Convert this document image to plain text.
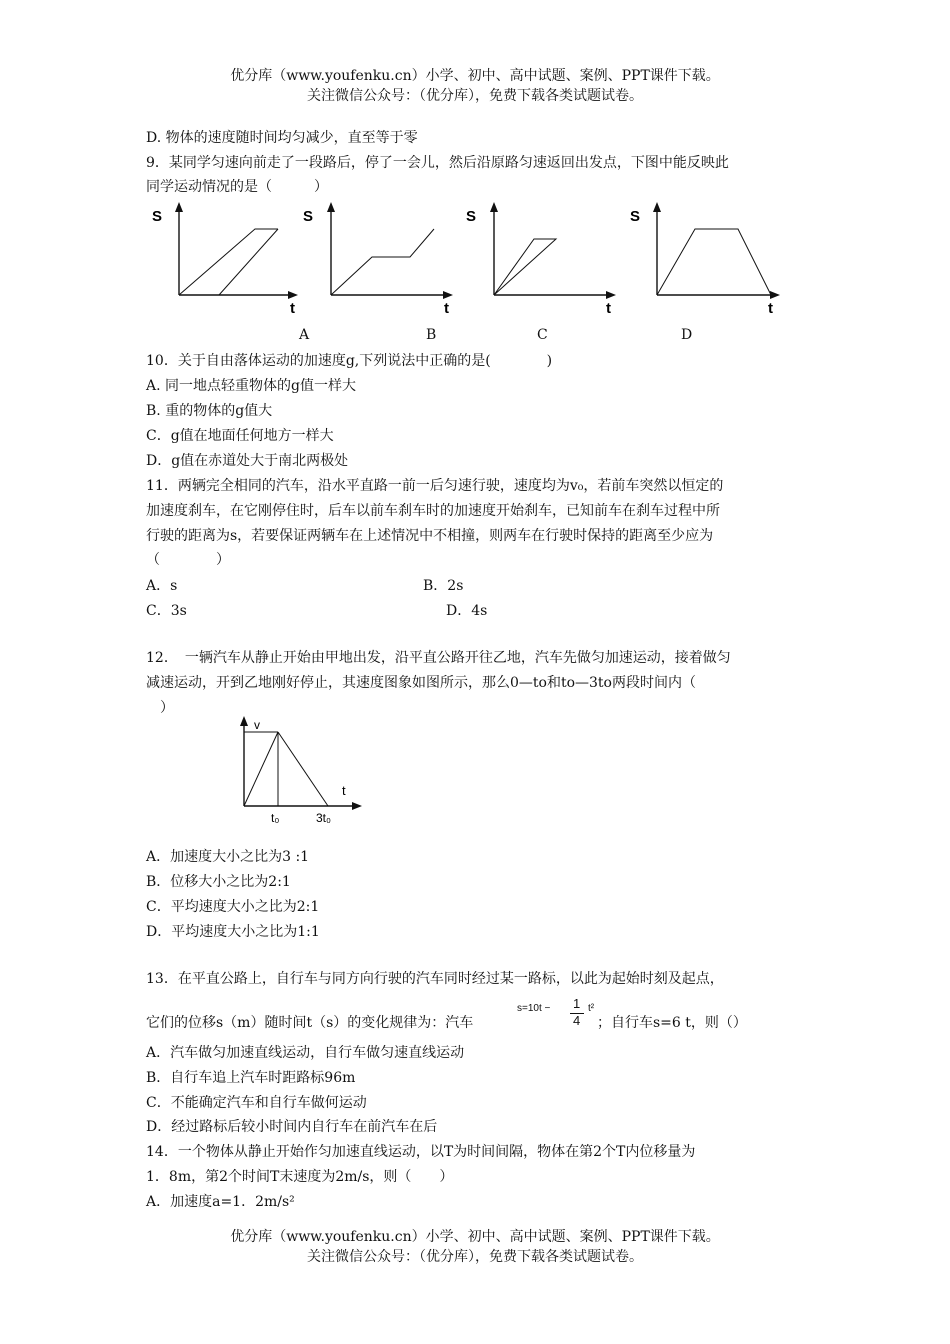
优分库（www.youfenku.cn）小学、初中、高中试题、案例、PPT课件下载。
关注微信公众号：（优分库），免费下载各类试题试卷。
D. 物体的速度随时间均匀减少，直至等于零
9．某同学匀速向前走了一段路后，停了一会儿，然后沿原路匀速返回出发点，下图中能反映此
同学运动情况的是（　　　）
S
t
S
t
S
t
S
t
A	B	C	D
10．关于自由落体运动的加速度g,下列说法中正确的是(　　　　)
A. 同一地点轻重物体的g值一样大
B. 重的物体的g值大
C．g值在地面任何地方一样大
D．g值在赤道处大于南北两极处
11．两辆完全相同的汽车，沿水平直路一前一后匀速行驶，速度均为v₀，若前车突然以恒定的
加速度刹车，在它刚停住时，后车以前车刹车时的加速度开始刹车，已知前车在刹车过程中所
行驶的距离为s，若要保证两辆车在上述情况中不相撞，则两车在行驶时保持的距离至少应为
（　　　　）
A．s	B．2s
C．3s	D．4s
12．　一辆汽车从静止开始由甲地出发，沿平直公路开往乙地，汽车先做匀加速运动，接着做匀
减速运动，开到乙地刚好停止，其速度图象如图所示，那么0—to和to—3to两段时间内（
　）
v
t
t₀	3t₀
A．加速度大小之比为3 :1
B．位移大小之比为2:1
C．平均速度大小之比为2:1
D．平均速度大小之比为1:1
13．在平直公路上，自行车与同方向行驶的汽车同时经过某一路标，以此为起始时刻及起点，
它们的位移s（m）随时间t（s）的变化规律为：汽车
s=10t − 1
4
t²
；自行车s=6 t，则（）
A．汽车做匀加速直线运动，自行车做匀速直线运动
B．自行车追上汽车时距路标96m
C．不能确定汽车和自行车做何运动
D．经过路标后较小时间内自行车在前汽车在后
14．一个物体从静止开始作匀加速直线运动，以T为时间间隔，物体在第2个T内位移量为
1．8m，第2个时间T末速度为2m/s，则（　　）
A．加速度a=1．2m/s²
优分库（www.youfenku.cn）小学、初中、高中试题、案例、PPT课件下载。
关注微信公众号：（优分库），免费下载各类试题试卷。
